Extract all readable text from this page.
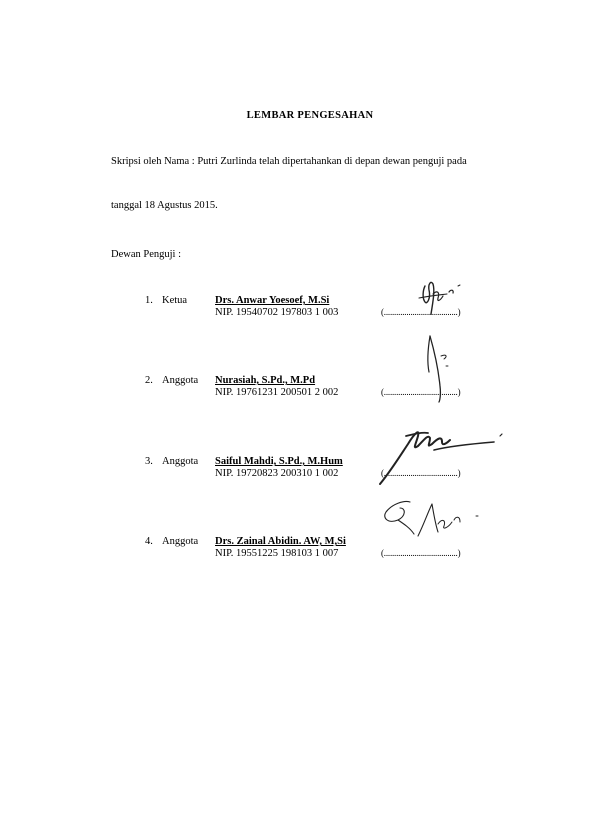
LEMBAR PENGESAHAN
Skripsi oleh Nama : Putri Zurlinda telah dipertahankan di depan dewan penguji pada
tanggal 18 Agustus 2015.
Dewan Penguji :
1. Ketua	Drs. Anwar Yoesoef, M.Si
NIP. 19540702 197803 1 003	(....................................)
2. Anggota Nurasiah, S.Pd., M.Pd
NIP. 19761231 200501 2 002	(....................................)
3. Anggota Saiful Mahdi, S.Pd., M.Hum
NIP. 19720823 200310 1 002	(....................................)
4. Anggota Drs. Zainal Abidin. AW, M,Si
NIP. 19551225 198103 1 007	(....................................)
